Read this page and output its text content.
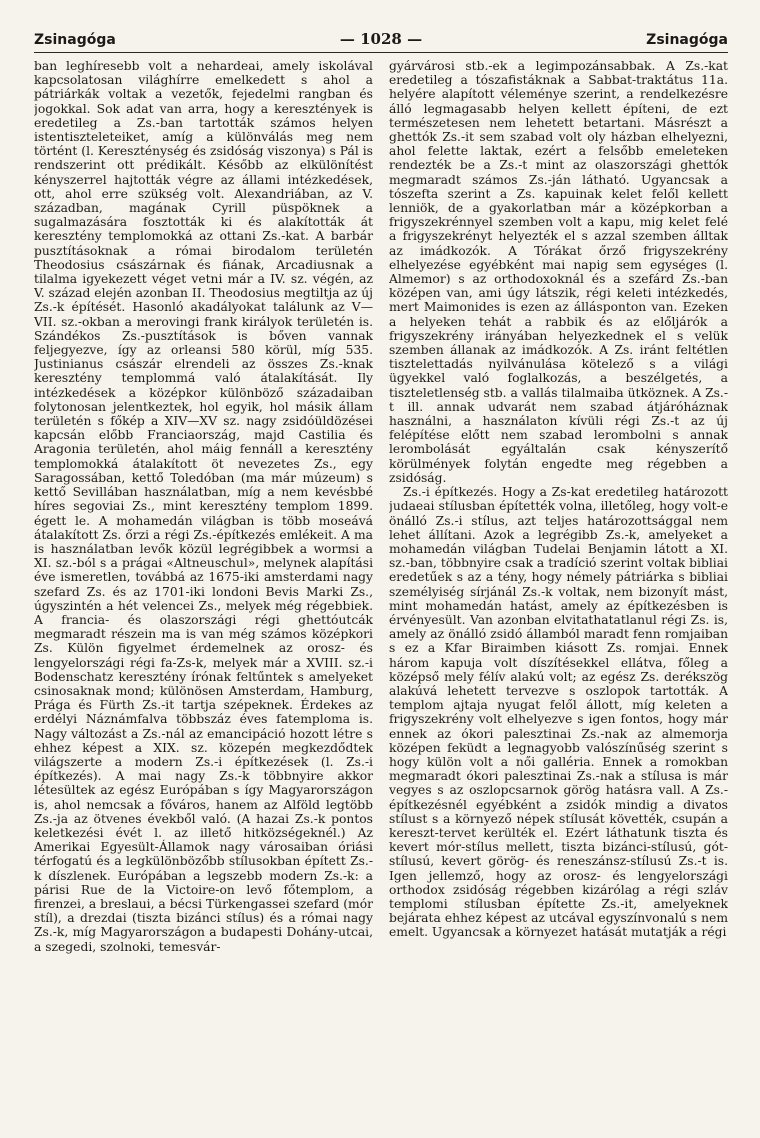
Zsinagóga	— 1028 —	Zsinagóga

ban leghíresebb volt a nehardeai, amely iskolával kapcsolatosan világhírre emelkedett s ahol a pátriárkák voltak a vezetők, fejedelmi rangban és jogokkal. Sok adat van arra, hogy a keresztények is eredetileg a Zs.-ban tartották számos helyen istentiszteleteiket, amíg a különválás meg nem történt (l. Kereszténység és zsidóság viszonya) s Pál is rendszerint ott prédikált. Később az elkülönítést kényszerrel hajtották végre az állami intézkedések, ott, ahol erre szükség volt. Alexandriában, az V. században, magának Cyrill püspöknek a sugalmazására fosztották ki és alakították át keresztény templomokká az ottani Zs.-kat. A barbár pusztításoknak a római birodalom területén Theodosius császárnak és fiának, Arcadiusnak a tilalma igyekezett véget vetni már a IV. sz. végén, az V. század elején azonban II. Theodosius megtiltja az új Zs.-k építését. Hasonló akadályokat találunk az V—VII. sz.-okban a merovingi frank királyok területén is. Szándékos Zs.-pusztítások is bőven vannak feljegyezve, így az orleansi 580 körül, míg 535. Justinianus császár elrendeli az összes Zs.-knak keresztény templommá való átalakítását. Ily intézkedések a középkor különböző századaiban folytonosan jelentkeztek, hol egyik, hol másik állam területén s főkép a XIV—XV sz. nagy zsidóüldözései kapcsán előbb Franciaország, majd Castilia és Aragonia területén, ahol máig fennáll a keresztény templomokká átalakított öt nevezetes Zs., egy Saragossában, kettő Toledóban (ma már múzeum) s kettő Sevillában használatban, míg a nem kevésbbé híres segoviai Zs., mint keresztény templom 1899. égett le. A mohamedán világban is több moseává átalakított Zs. őrzi a régi Zs.-építkezés emlékeit. A ma is használatban levők közül legrégibbek a wormsi a XI. sz.-ból s a prágai «Altneuschul», melynek alapítási éve ismeretlen, továbbá az 1675-iki amsterdami nagy szefard Zs. és az 1701-iki londoni Bevis Marki Zs., úgyszintén a hét velencei Zs., melyek még régebbiek. A francia- és olaszországi régi ghettóutcák megmaradt részein ma is van még számos középkori Zs. Külön figyelmet érdemelnek az orosz- és lengyelországi régi fa-Zs-k, melyek már a XVIII. sz.-i Bodenschatz keresztény írónak feltűntek s amelyeket csinosaknak mond; különösen Amsterdam, Hamburg, Prága és Fürth Zs.-it tartja szépeknek. Érdekes az erdélyi Náznámfalva többszáz éves fatemploma is. Nagy változást a Zs.-nál az emancipáció hozott létre s ehhez képest a XIX. sz. közepén megkezdődtek világszerte a modern Zs.-i építkezések (l. Zs.-i építkezés). A mai nagy Zs.-k többnyire akkor létesültek az egész Európában s így Magyarországon is, ahol nemcsak a főváros, hanem az Alföld legtöbb Zs.-ja az ötvenes évekből való. (A hazai Zs.-k pontos keletkezési évét l. az illető hitközségeknél.) Az Amerikai Egyesült-Államok nagy városaiban óriási térfogatú és a legkülönbözőbb stílusokban épített Zs.-k díszlenek. Európában a legszebb modern Zs.-k: a párisi Rue de la Victoire-on levő főtemplom, a firenzei, a breslaui, a bécsi Türkengassei szefard (mór stíl), a drezdai (tiszta bizánci stílus) és a római nagy Zs.-k, míg Magyarországon a budapesti Dohány-utcai, a szegedi, szolnoki, temesvár-

gyárvárosi stb.-ek a legimpozánsabbak. A Zs.-kat eredetileg a tószafistáknak a Sabbat-traktátus 11a. helyére alapított véleménye szerint, a rendelkezésre álló legmagasabb helyen kellett építeni, de ezt természetesen nem lehetett betartani. Másrészt a ghettók Zs.-it sem szabad volt oly házban elhelyezni, ahol felette laktak, ezért a felsőbb emeleteken rendezték be a Zs.-t mint az olaszországi ghettók megmaradt számos Zs.-ján látható. Ugyancsak a tószefta szerint a Zs. kapuinak kelet felől kellett lenniök, de a gyakorlatban már a középkorban a frigyszekrénnyel szemben volt a kapu, mig kelet felé a frigyszekrényt helyezték el s azzal szemben álltak az imádkozók. A Tórákat őrző frigyszekrény elhelyezése egyébként mai napig sem egységes (l. Almemor) s az orthodoxoknál és a szefárd Zs.-ban középen van, ami úgy látszik, régi keleti intézkedés, mert Maimonides is ezen az állásponton van. Ezeken a helyeken tehát a rabbik és az előljárók a frigyszekrény irányában helyezkednek el s velük szemben állanak az imádkozók. A Zs. iránt feltétlen tisztelettadás nyilvánulása kötelező s a világi ügyekkel való foglalkozás, a beszélgetés, a tiszteletlenség stb. a vallás tilalmaiba ütköznek. A Zs.-t ill. annak udvarát nem szabad átjáróháznak használni, a használaton kívüli régi Zs.-t az új felépítése előtt nem szabad lerombolni s annak lerombolását egyáltalán csak kényszerítő körülmények folytán engedte meg régebben a zsidóság.

Zs.-i építkezés. Hogy a Zs-kat eredetileg határozott judaeai stílusban építették volna, illetőleg, hogy volt-e önálló Zs.-i stílus, azt teljes határozottsággal nem lehet állítani. Azok a legrégibb Zs.-k, amelyeket a mohamedán világban Tudelai Benjamin látott a XI. sz.-ban, többnyire csak a tradíció szerint voltak bibliai eredetűek s az a tény, hogy némely pátriárka s bibliai személyiség sírjánál Zs.-k voltak, nem bizonyít mást, mint mohamedán hatást, amely az építkezésben is érvényesült. Van azonban elvitathatatlanul régi Zs. is, amely az önálló zsidó államból maradt fenn romjaiban s ez a Kfar Biraimben kiásott Zs. romjai. Ennek három kapuja volt díszítésekkel ellátva, főleg a középső mely félív alakú volt; az egész Zs. derékszög alakúvá lehetett tervezve s oszlopok tartották. A templom ajtaja nyugat felől állott, míg keleten a frigyszekrény volt elhelyezve s igen fontos, hogy már ennek az ókori palesztinai Zs.-nak az almemorja középen feküdt a legnagyobb valószínűség szerint s hogy külön volt a női galléria. Ennek a romokban megmaradt ókori palesztinai Zs.-nak a stílusa is már vegyes s az oszlopcsarnok görög hatásra vall. A Zs.-építkezésnél egyébként a zsidók mindig a divatos stílust s a környező népek stílusát követték, csupán a kereszt-tervet kerülték el. Ezért láthatunk tiszta és kevert mór-stílus mellett, tiszta bizánci-stílusú, gót-stílusú, kevert görög- és reneszánsz-stílusú Zs.-t is. Igen jellemző, hogy az orosz- és lengyelországi orthodox zsidóság régebben kizárólag a régi szláv templomi stílusban építette Zs.-it, amelyeknek bejárata ehhez képest az utcával egyszínvonalú s nem emelt. Ugyancsak a környezet hatását mutatják a régi
